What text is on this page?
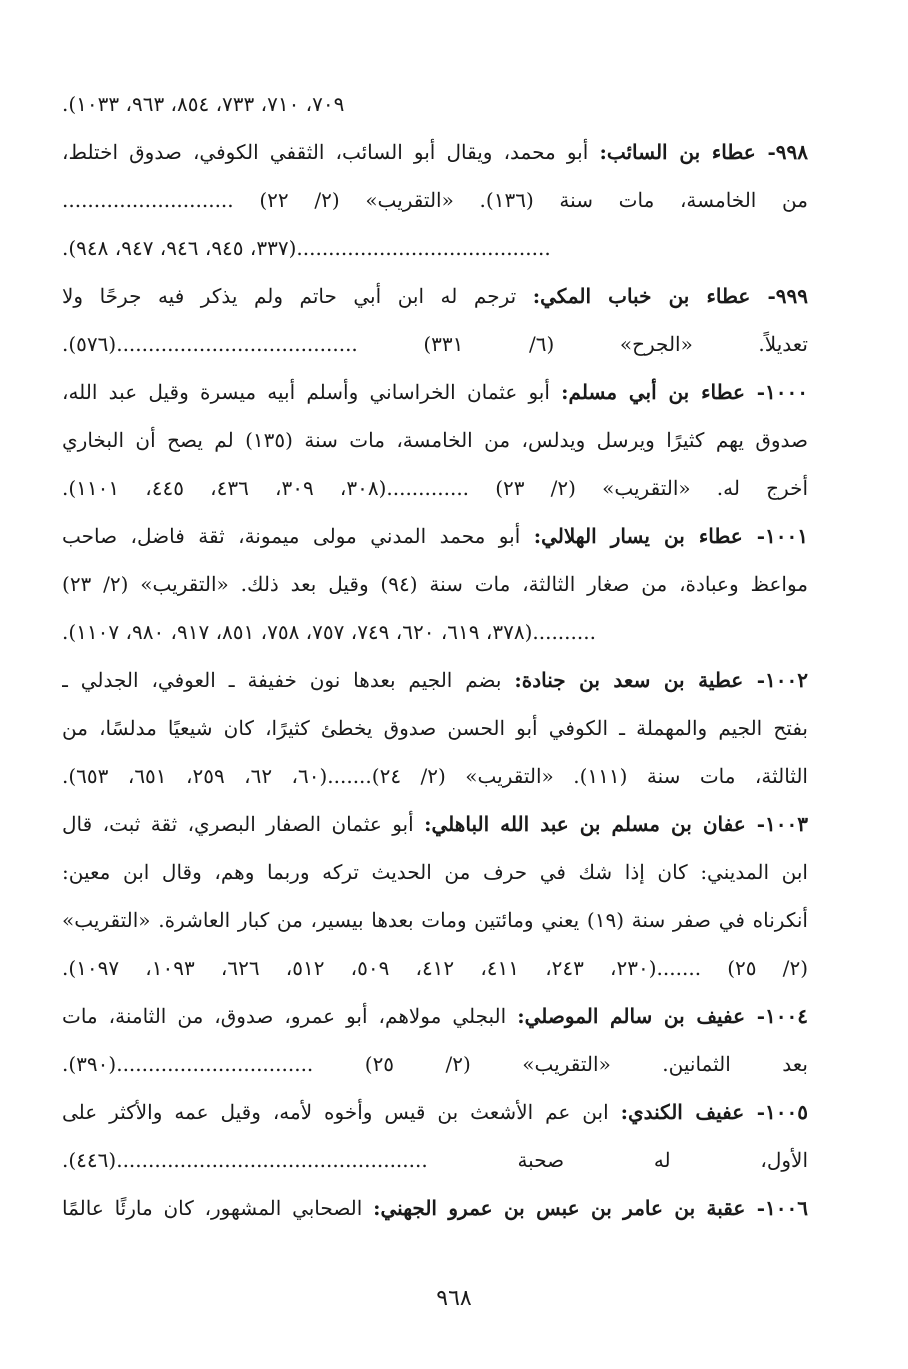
٧٠٩، ٧١٠، ٧٣٣، ٨٥٤، ٩٦٣، ١٠٣٣).
٩٩٨- عطاء بن السائب: أبو محمد، ويقال أبو السائب، الثقفي الكوفي، صدوق اختلط،
من الخامسة، مات سنة (١٣٦). «التقريب» (٢/ ٢٢) ...........................
........................................(٣٣٧، ٩٤٥، ٩٤٦، ٩٤٧، ٩٤٨).
٩٩٩- عطاء بن خباب المكي: ترجم له ابن أبي حاتم ولم يذكر فيه جرحًا ولا
تعديلاً. «الجرح» (٦/ ٣٣١) ......................................(٥٧٦).
١٠٠٠- عطاء بن أبي مسلم: أبو عثمان الخراساني وأسلم أبيه ميسرة وقيل عبد الله،
صدوق يهم كثيرًا ويرسل ويدلس، من الخامسة، مات سنة (١٣٥) لم يصح أن البخاري
أخرج له. «التقريب» (٢/ ٢٣) .............(٣٠٨، ٣٠٩، ٤٣٦، ٤٤٥، ١١٠١).
١٠٠١- عطاء بن يسار الهلالي: أبو محمد المدني مولى ميمونة، ثقة فاضل، صاحب
مواعظ وعبادة، من صغار الثالثة، مات سنة (٩٤) وقيل بعد ذلك. «التقريب» (٢/ ٢٣)
..........(٣٧٨، ٦١٩، ٦٢٠، ٧٤٩، ٧٥٧، ٧٥٨، ٨٥١، ٩١٧، ٩٨٠، ١١٠٧).
١٠٠٢- عطية بن سعد بن جنادة: بضم الجيم بعدها نون خفيفة ـ العوفي، الجدلي ـ
بفتح الجيم والمهملة ـ الكوفي أبو الحسن صدوق يخطئ كثيرًا، كان شيعيًا مدلسًا، من
الثالثة، مات سنة (١١١). «التقريب» (٢/ ٢٤).......(٦٠، ٦٢، ٢٥٩، ٦٥١، ٦٥٣).
١٠٠٣- عفان بن مسلم بن عبد الله الباهلي: أبو عثمان الصفار البصري، ثقة ثبت، قال
ابن المديني: كان إذا شك في حرف من الحديث تركه وربما وهم، وقال ابن معين:
أنكرناه في صفر سنة (١٩) يعني ومائتين ومات بعدها بيسير، من كبار العاشرة. «التقريب»
(٢/ ٢٥) .......(٢٣٠، ٢٤٣، ٤١١، ٤١٢، ٥٠٩، ٥١٢، ٦٢٦، ١٠٩٣، ١٠٩٧).
١٠٠٤- عفيف بن سالم الموصلي: البجلي مولاهم، أبو عمرو، صدوق، من الثامنة، مات
بعد الثمانين. «التقريب» (٢/ ٢٥) ...............................(٣٩٠).
١٠٠٥- عفيف الكندي: ابن عم الأشعث بن قيس وأخوه لأمه، وقيل عمه والأكثر على
الأول، له صحبة .................................................(٤٤٦).
١٠٠٦- عقبة بن عامر بن عبس بن عمرو الجهني: الصحابي المشهور، كان مارئًا عالمًا
٩٦٨
